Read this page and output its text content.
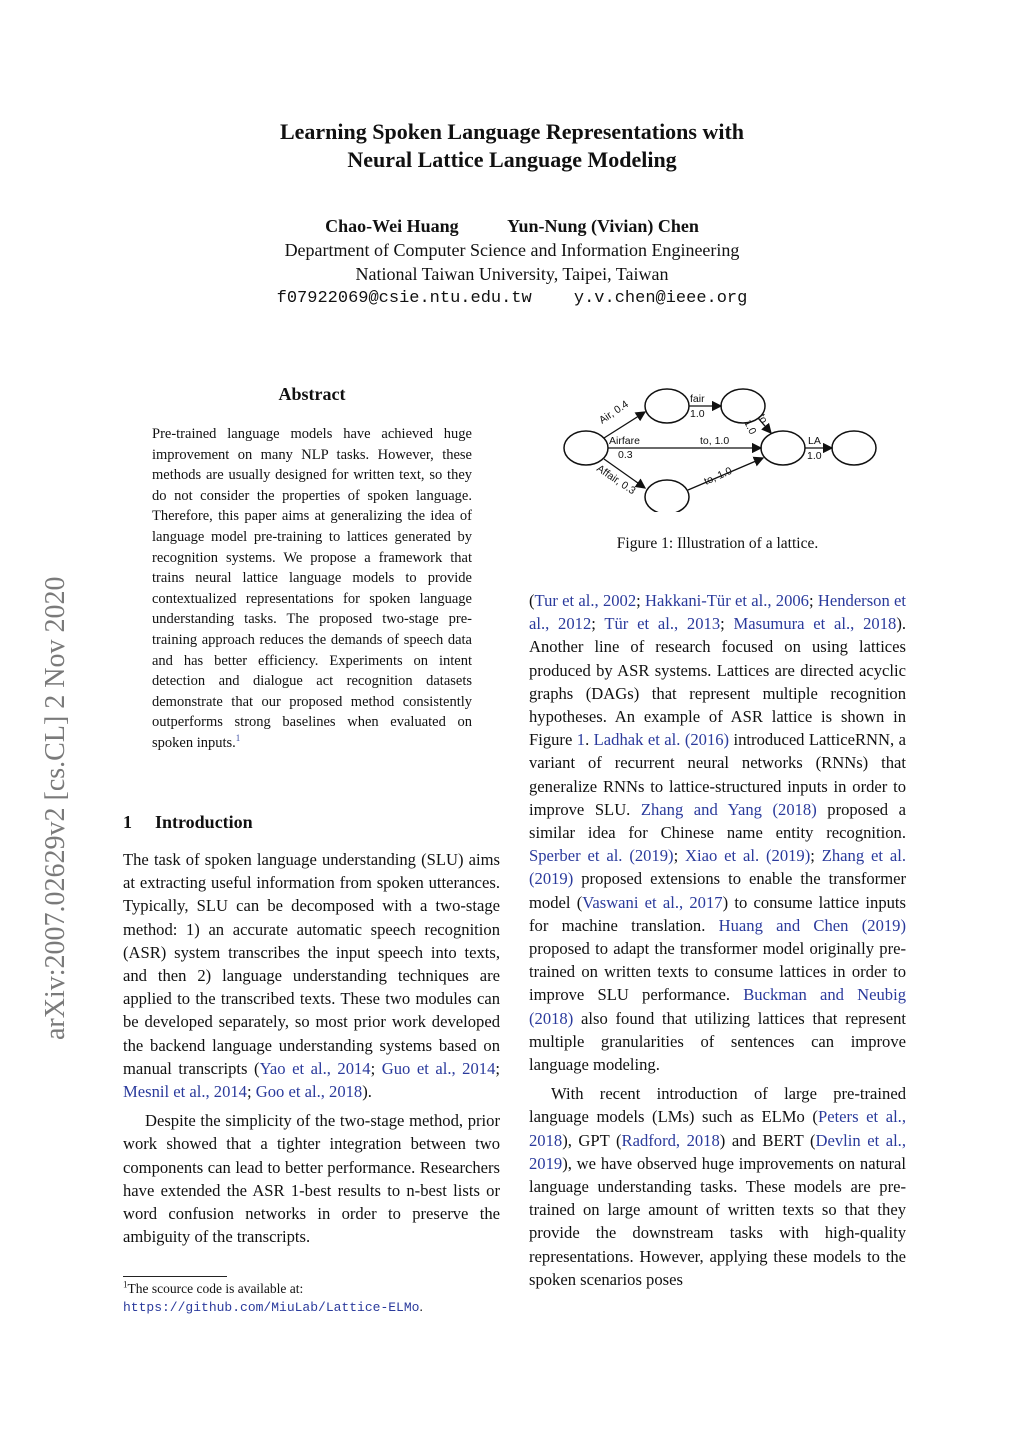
Learning Spoken Language Representations with
Neural Lattice Language Modeling
Chao-Wei Huang	Yun-Nung (Vivian) Chen
Department of Computer Science and Information Engineering
National Taiwan University, Taipei, Taiwan
f07922069@csie.ntu.edu.tw y.v.chen@ieee.org
arXiv:2007.02629v2 [cs.CL] 2 Nov 2020
Abstract
Pre-trained language models have achieved huge improvement on many NLP tasks. However, these methods are usually designed for written text, so they do not consider the properties of spoken language. Therefore, this paper aims at generalizing the idea of language model pre-training to lattices generated by recognition systems. We propose a framework that trains neural lattice language models to provide contextualized representations for spoken language understanding tasks. The proposed two-stage pre-training approach reduces the demands of speech data and has better efficiency. Experiments on intent detection and dialogue act recognition datasets demonstrate that our proposed method consistently outperforms strong baselines when evaluated on spoken inputs.$^1$
1 Introduction

The task of spoken language understanding (SLU) aims at extracting useful information from spoken utterances. Typically, SLU can be decomposed with a two-stage method: 1) an accurate automatic speech recognition (ASR) system transcribes the input speech into texts, and then 2) language understanding techniques are applied to the transcribed texts. These two modules can be developed separately, so most prior work developed the backend language understanding systems based on manual transcripts (Yao et al., 2014; Guo et al., 2014; Mesnil et al., 2014; Goo et al., 2018).

Despite the simplicity of the two-stage method, prior work showed that a tighter integration between two components can lead to better performance. Researchers have extended the ASR 1-best results to n-best lists or word confusion networks in order to preserve the ambiguity of the transcripts.

$^1$The scource code is available at: https://github.com/MiuLab/Lattice-ELMo.
Air, 0.4
Airfare
0.3
Affair, 0.3
fair
1.0	to
1.0
to, 1.0
to, 1.0
LA
1.0
Figure 1: Illustration of a lattice.

(Tur et al., 2002; Hakkani-Tür et al., 2006; Henderson et al., 2012; Tür et al., 2013; Masumura et al., 2018). Another line of research focused on using lattices produced by ASR systems. Lattices are directed acyclic graphs (DAGs) that represent multiple recognition hypotheses. An example of ASR lattice is shown in Figure 1. Ladhak et al. (2016) introduced LatticeRNN, a variant of recurrent neural networks (RNNs) that generalize RNNs to lattice-structured inputs in order to improve SLU. Zhang and Yang (2018) proposed a similar idea for Chinese name entity recognition. Sperber et al. (2019); Xiao et al. (2019); Zhang et al. (2019) proposed extensions to enable the transformer model (Vaswani et al., 2017) to consume lattice inputs for machine translation. Huang and Chen (2019) proposed to adapt the transformer model originally pre-trained on written texts to consume lattices in order to improve SLU performance. Buckman and Neubig (2018) also found that utilizing lattices that represent multiple granularities of sentences can improve language modeling.

With recent introduction of large pre-trained language models (LMs) such as ELMo (Peters et al., 2018), GPT (Radford, 2018) and BERT (Devlin et al., 2019), we have observed huge improvements on natural language understanding tasks. These models are pre-trained on large amount of written texts so that they provide the downstream tasks with high-quality representations. However, applying these models to the spoken scenarios poses
